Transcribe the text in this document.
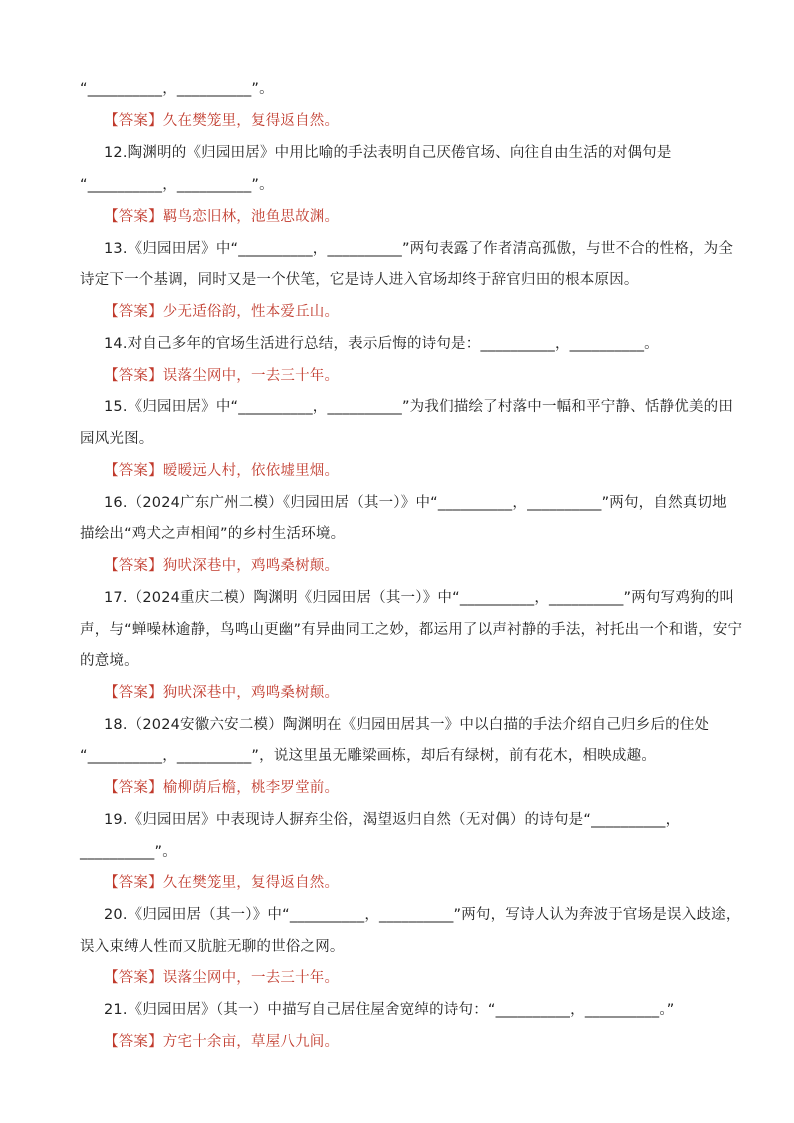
“__________，__________”。
【答案】久在樊笼里，复得返自然。
12.陶渊明的《归园田居》中用比喻的手法表明自己厌倦官场、向往自由生活的对偶句是
“__________，__________”。
【答案】羁鸟恋旧林，池鱼思故渊。
13.《归园田居》中“__________，__________”两句表露了作者清高孤傲，与世不合的性格，为全
诗定下一个基调，同时又是一个伏笔，它是诗人进入官场却终于辞官归田的根本原因。
【答案】少无适俗韵，性本爱丘山。
14.对自己多年的官场生活进行总结，表示后悔的诗句是：__________，__________。
【答案】误落尘网中，一去三十年。
15.《归园田居》中“__________，__________”为我们描绘了村落中一幅和平宁静、恬静优美的田
园风光图。
【答案】暧暧远人村，依依墟里烟。
16.（2024广东广州二模）《归园田居（其一）》中“__________，__________”两句，自然真切地
描绘出“鸡犬之声相闻”的乡村生活环境。
【答案】狗吠深巷中，鸡鸣桑树颠。
17.（2024重庆二模）陶渊明《归园田居（其一）》中“__________，__________”两句写鸡狗的叫
声，与“蝉噪林逾静，鸟鸣山更幽”有异曲同工之妙，都运用了以声衬静的手法，衬托出一个和谐，安宁
的意境。
【答案】狗吠深巷中，鸡鸣桑树颠。
18.（2024安徽六安二模）陶渊明在《归园田居其一》中以白描的手法介绍自己归乡后的住处
“__________，__________”，说这里虽无雕梁画栋，却后有绿树，前有花木，相映成趣。
【答案】榆柳荫后檐，桃李罗堂前。
19.《归园田居》中表现诗人摒弃尘俗，渴望返归自然（无对偶）的诗句是“__________，
__________”。
【答案】久在樊笼里，复得返自然。
20.《归园田居（其一）》中“__________，__________”两句，写诗人认为奔波于官场是误入歧途，
误入束缚人性而又肮脏无聊的世俗之网。
【答案】误落尘网中，一去三十年。
21.《归园田居》（其一）中描写自己居住屋舍宽绰的诗句：“__________，__________。”
【答案】方宅十余亩，草屋八九间。
